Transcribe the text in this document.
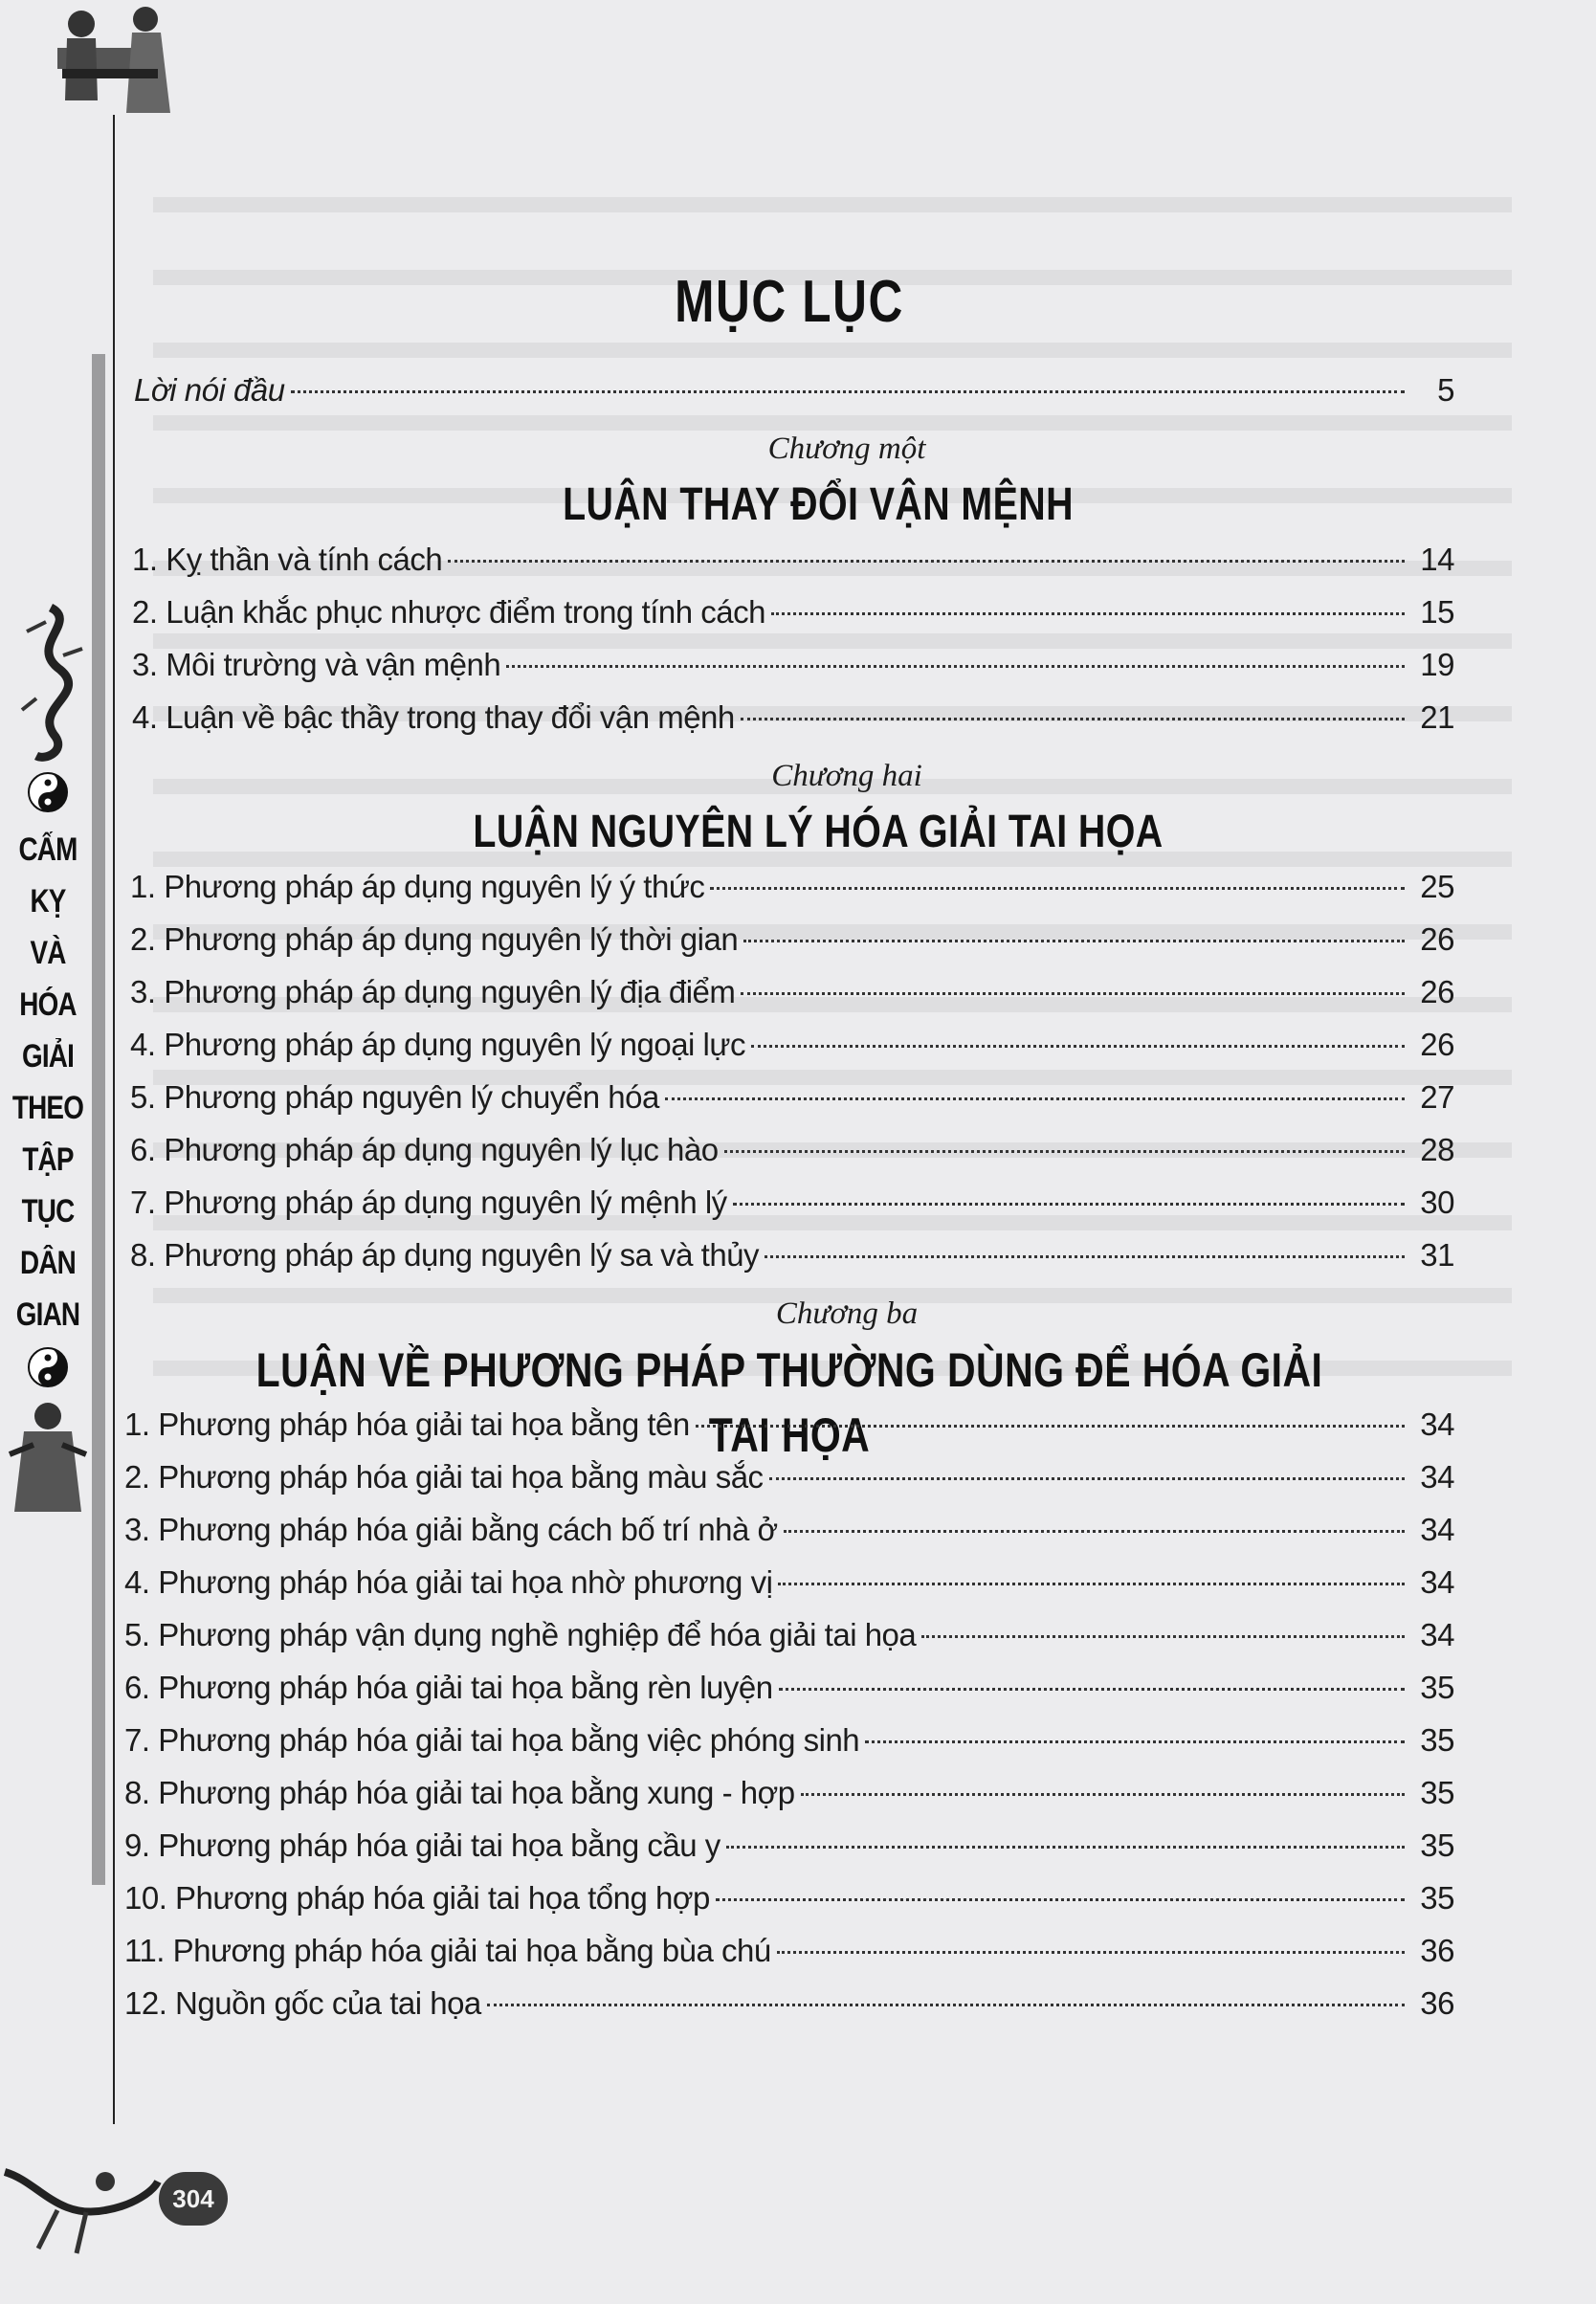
CẤM
KỴ
VÀ
HÓA
GIẢI
THEO
TẬP
TỤC
DÂN
GIAN
304
MỤC LỤC
Lời nói đầu	5
Chương một
LUẬN THAY ĐỔI VẬN MỆNH
1. Kỵ thần và tính cách	14
2. Luận khắc phục nhược điểm trong tính cách	15
3. Môi trường và vận mệnh	19
4. Luận về bậc thầy trong thay đổi vận mệnh	21
Chương hai
LUẬN NGUYÊN LÝ HÓA GIẢI TAI HỌA
1. Phương pháp áp dụng nguyên lý ý thức	25
2. Phương pháp áp dụng nguyên lý thời gian	26
3. Phương pháp áp dụng nguyên lý địa điểm	26
4. Phương pháp áp dụng nguyên lý ngoại lực	26
5. Phương pháp nguyên lý chuyển hóa	27
6. Phương pháp áp dụng nguyên lý lục hào	28
7. Phương pháp áp dụng nguyên lý mệnh lý	30
8. Phương pháp áp dụng nguyên lý sa và thủy	31
Chương ba
LUẬN VỀ PHƯƠNG PHÁP THƯỜNG DÙNG ĐỂ HÓA GIẢI TAI HỌA
1. Phương pháp hóa giải tai họa bằng tên	34
2. Phương pháp hóa giải tai họa bằng màu sắc	34
3. Phương pháp hóa giải bằng cách bố trí nhà ở	34
4. Phương pháp hóa giải tai họa nhờ phương vị	34
5. Phương pháp vận dụng nghề nghiệp để hóa giải tai họa	34
6. Phương pháp hóa giải tai họa bằng rèn luyện	35
7. Phương pháp hóa giải tai họa bằng việc phóng sinh	35
8. Phương pháp hóa giải tai họa bằng xung - hợp	35
9. Phương pháp hóa giải tai họa bằng cầu y	35
10. Phương pháp hóa giải tai họa tổng hợp	35
11. Phương pháp hóa giải tai họa bằng bùa chú	36
12. Nguồn gốc của tai họa	36
